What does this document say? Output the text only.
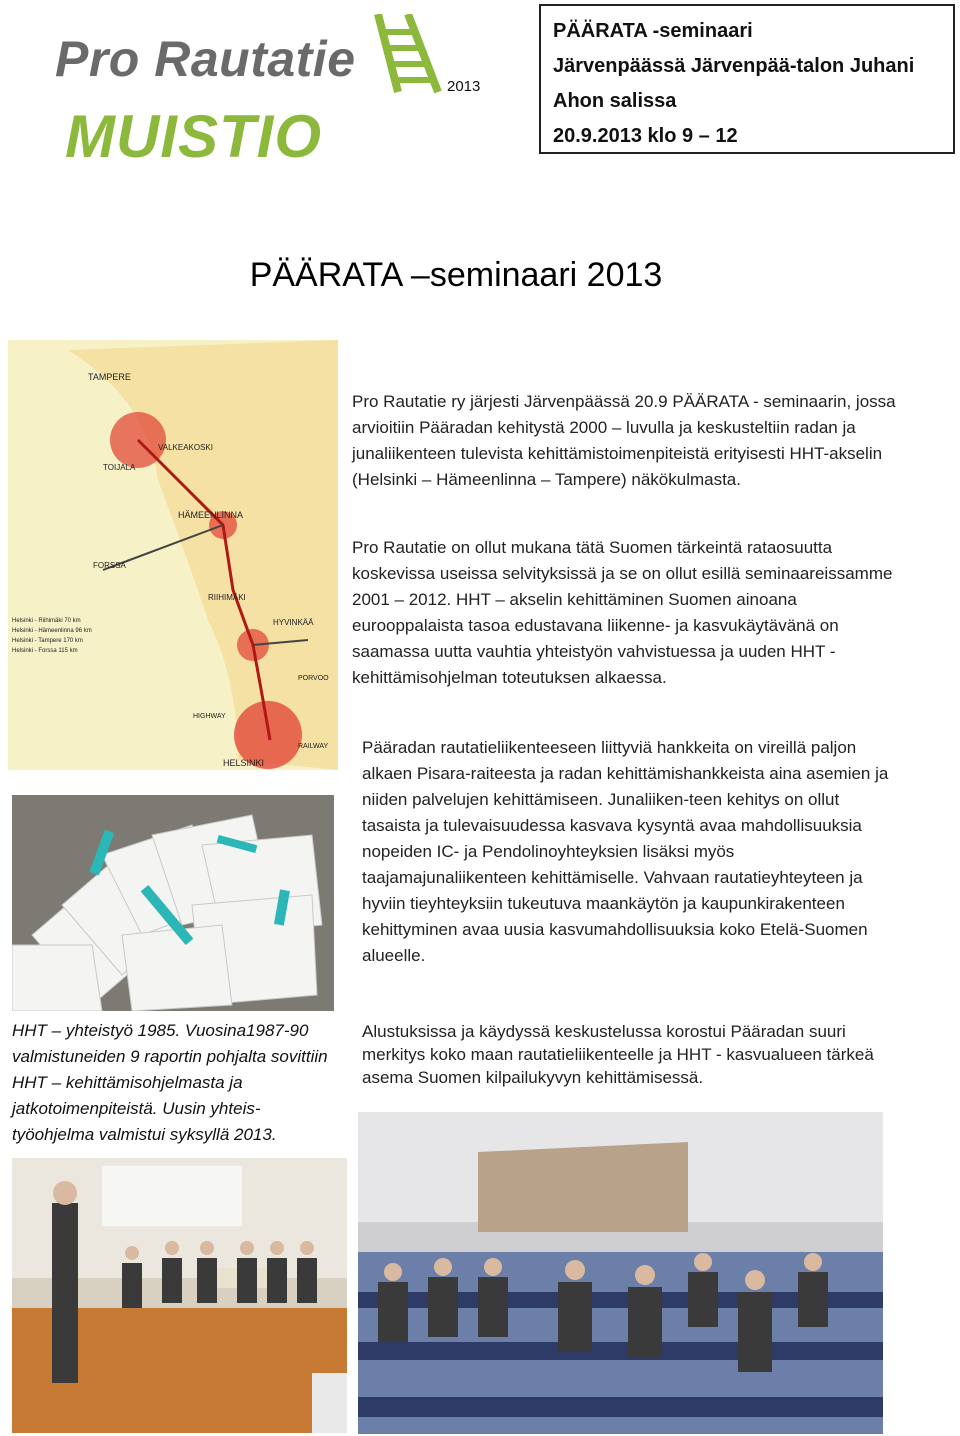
Pro Rautatie	2013
MUISTIO
PÄÄRATA -seminaari
Järvenpäässä Järvenpää-talon Juhani
Ahon salissa
20.9.2013 klo 9 – 12
PÄÄRATA –seminaari 2013
TAMPERE
VALKEAKOSKI
TOIJALA
HÄMEENLINNA
FORSSA
RIIHIMÄKI
HYVINKÄÄ
PORVOO
HELSINKI
RAILWAY
HIGHWAY
Helsinki - Riihimäki 70 km
Helsinki - Hämeenlinna 96 km
Helsinki - Tampere 170 km
Helsinki - Forssa 115 km
Pro Rautatie ry järjesti Järvenpäässä 20.9 PÄÄRATA - seminaarin, jossa arvioitiin Pääradan kehitystä 2000 – luvulla ja keskusteltiin radan ja junaliikenteen tulevista kehittämistoimenpiteistä erityisesti HHT-akselin (Helsinki – Hämeenlinna – Tampere) näkökulmasta.
Pro Rautatie on ollut mukana tätä Suomen tärkeintä rataosuutta koskevissa useissa selvityksissä ja se on ollut esillä seminaareissamme 2001 – 2012. HHT – akselin kehittäminen Suomen ainoana eurooppalaista tasoa edustavana liikenne- ja kasvukäytävänä on saamassa uutta vauhtia yhteistyön vahvistuessa ja uuden HHT - kehittämisohjelman toteutuksen alkaessa.
Pääradan rautatieliikenteeseen liittyviä hankkeita on vireillä paljon alkaen Pisara-raiteesta ja radan kehittämishankkeista aina asemien ja niiden palvelujen kehittämiseen. Junaliiken-teen kehitys on ollut tasaista ja tulevaisuudessa kasvava kysyntä avaa mahdollisuuksia nopeiden IC- ja Pendolinoyhteyksien lisäksi myös taajamajunaliikenteen kehittämiselle. Vahvaan rautatieyhteyteen ja hyviin tieyhteyksiin tukeutuva maankäytön ja kaupunkirakenteen kehittyminen avaa uusia kasvumahdollisuuksia koko Etelä-Suomen alueelle.
HHT – yhteistyö 1985. Vuosina1987-90 valmistuneiden 9 raportin pohjalta sovittiin HHT – kehittämisohjelmasta ja jatkotoimenpiteistä. Uusin yhteis-työohjelma valmistui syksyllä 2013.
Alustuksissa ja käydyssä keskustelussa korostui Pääradan suuri merkitys koko maan rautatieliikenteelle ja HHT - kasvualueen tärkeä asema Suomen kilpailukyvyn kehittämisessä.
